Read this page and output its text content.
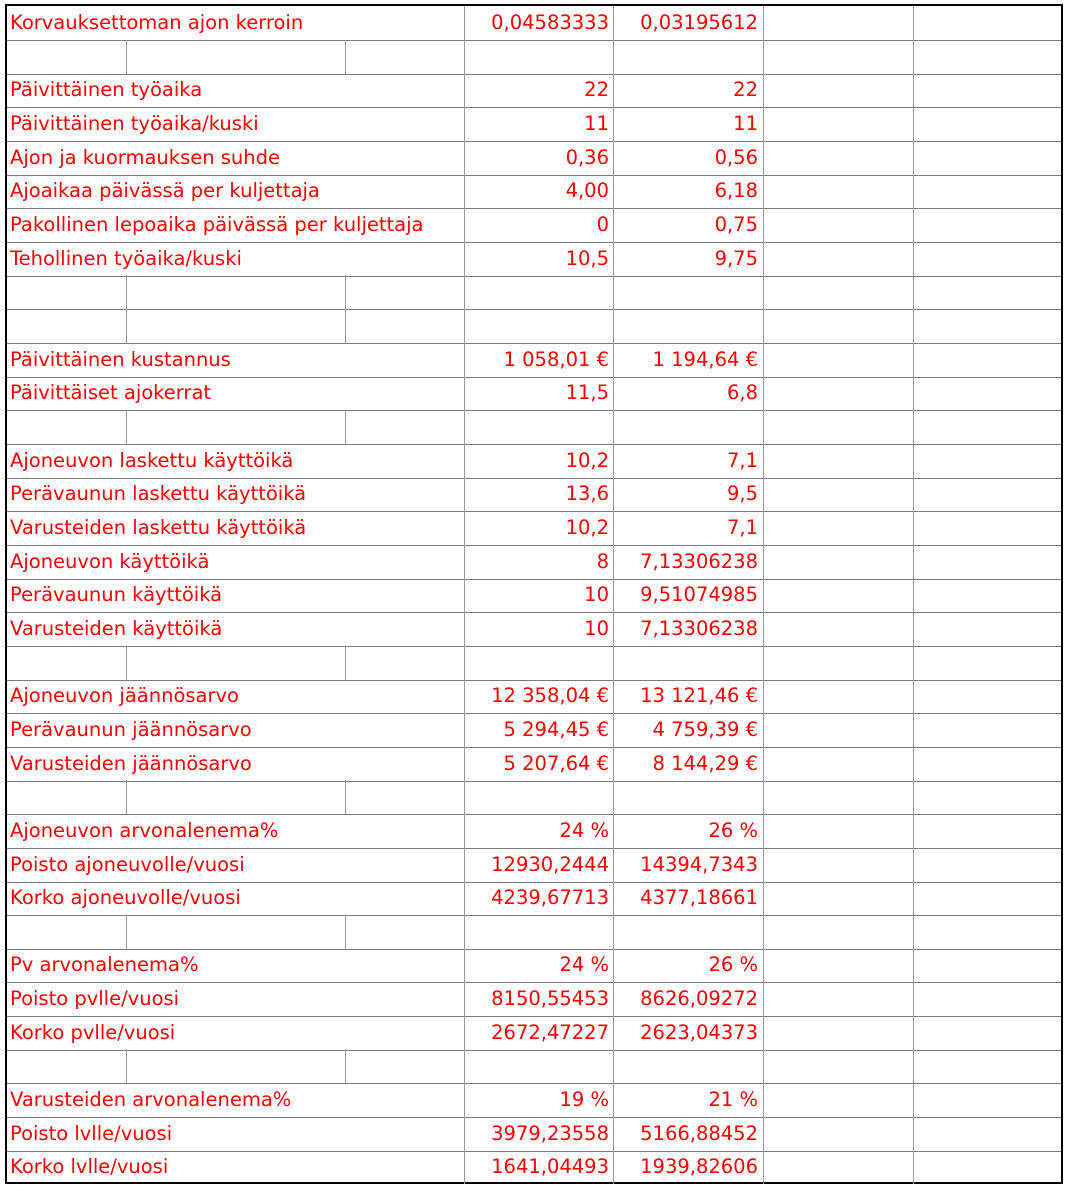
Korvauksettoman ajon kerroin	0,04583333	0,03195612
Päivittäinen työaika	22	22
Päivittäinen työaika/kuski	11	11
Ajon ja kuormauksen suhde	0,36	0,56
Ajoaikaa päivässä per kuljettaja	4,00	6,18
Pakollinen lepoaika päivässä per kuljettaja	0	0,75
Tehollinen työaika/kuski	10,5	9,75
Päivittäinen kustannus	1 058,01 €	1 194,64 €
Päivittäiset ajokerrat	11,5	6,8
Ajoneuvon laskettu käyttöikä	10,2	7,1
Perävaunun laskettu käyttöikä	13,6	9,5
Varusteiden laskettu käyttöikä	10,2	7,1
Ajoneuvon käyttöikä	8	7,13306238
Perävaunun käyttöikä	10	9,51074985
Varusteiden käyttöikä	10	7,13306238
Ajoneuvon jäännösarvo	12 358,04 €	13 121,46 €
Perävaunun jäännösarvo	5 294,45 €	4 759,39 €
Varusteiden jäännösarvo	5 207,64 €	8 144,29 €
Ajoneuvon arvonalenema%	24 %	26 %
Poisto ajoneuvolle/vuosi	12930,2444	14394,7343
Korko ajoneuvolle/vuosi	4239,67713	4377,18661
Pv arvonalenema%	24 %	26 %
Poisto pvlle/vuosi	8150,55453	8626,09272
Korko pvlle/vuosi	2672,47227	2623,04373
Varusteiden arvonalenema%	19 %	21 %
Poisto lvlle/vuosi	3979,23558	5166,88452
Korko lvlle/vuosi	1641,04493	1939,82606
